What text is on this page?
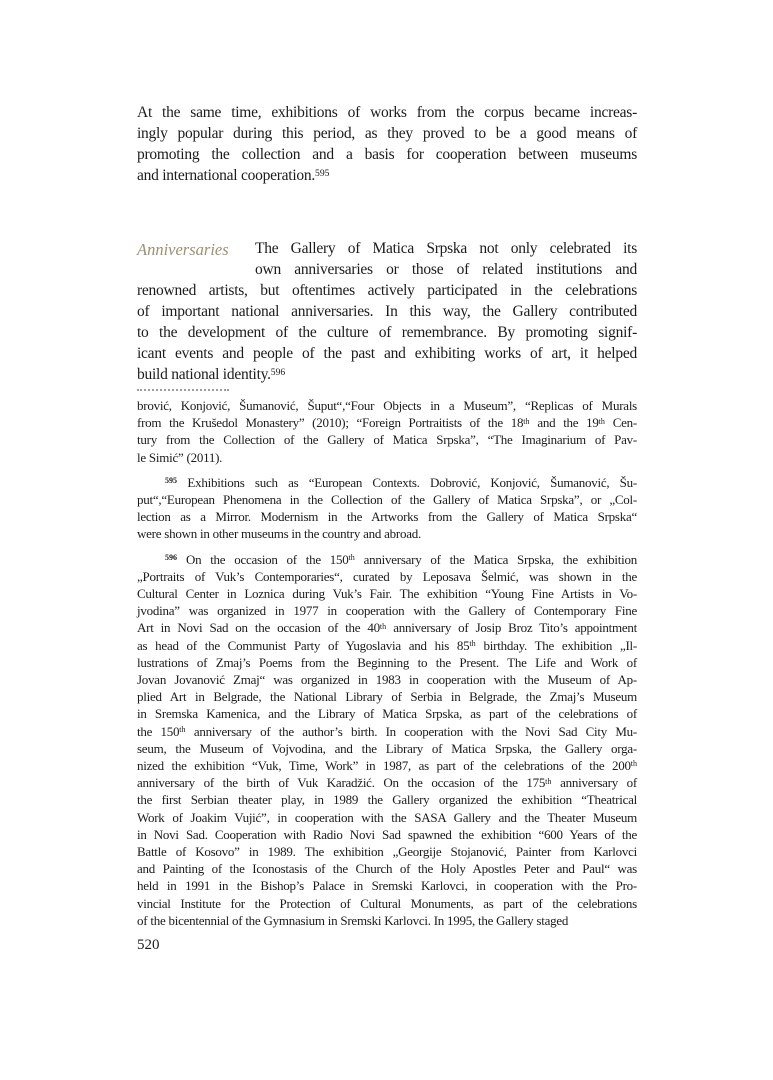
At the same time, exhibitions of works from the corpus became increas-
ingly popular during this period, as they proved to be a good means of
promoting the collection and a basis for cooperation between museums
and international cooperation.$^{595}$
Anniversaries	The Gallery of Matica Srpska not only celebrated its
own anniversaries or those of related institutions and
renowned artists, but oftentimes actively participated in the celebrations
of important national anniversaries. In this way, the Gallery contributed
to the development of the culture of remembrance. By promoting signif-
icant events and people of the past and exhibiting works of art, it helped
build national identity.$^{596}$
brović, Konjović, Šumanović, Šuput“,“Four Objects in a Museum”, “Replicas of Murals
from the Krušedol Monastery” (2010); “Foreign Portraitists of the 18th and the 19th Cen-
tury from the Collection of the Gallery of Matica Srpska”, “The Imaginarium of Pav-
le Simić” (2011).
$^{595}$ Exhibitions such as “European Contexts. Dobrović, Konjović, Šumanović, Šu-
put“,“European Phenomena in the Collection of the Gallery of Matica Srpska”, or „Col-
lection as a Mirror. Modernism in the Artworks from the Gallery of Matica Srpska“
were shown in other museums in the country and abroad.
$^{596}$ On the occasion of the 150th anniversary of the Matica Srpska, the exhibition
„Portraits of Vuk’s Contemporaries“, curated by Leposava Šelmić, was shown in the
Cultural Center in Loznica during Vuk’s Fair. The exhibition “Young Fine Artists in Vo-
jvodina” was organized in 1977 in cooperation with the Gallery of Contemporary Fine
Art in Novi Sad on the occasion of the 40th anniversary of Josip Broz Tito’s appointment
as head of the Communist Party of Yugoslavia and his 85th birthday. The exhibition „Il-
lustrations of Zmaj’s Poems from the Beginning to the Present. The Life and Work of
Jovan Jovanović Zmaj“ was organized in 1983 in cooperation with the Museum of Ap-
plied Art in Belgrade, the National Library of Serbia in Belgrade, the Zmaj’s Museum
in Sremska Kamenica, and the Library of Matica Srpska, as part of the celebrations of
the 150th anniversary of the author’s birth. In cooperation with the Novi Sad City Mu-
seum, the Museum of Vojvodina, and the Library of Matica Srpska, the Gallery orga-
nized the exhibition “Vuk, Time, Work” in 1987, as part of the celebrations of the 200th
anniversary of the birth of Vuk Karadžić. On the occasion of the 175th anniversary of
the first Serbian theater play, in 1989 the Gallery organized the exhibition “Theatrical
Work of Joakim Vujić”, in cooperation with the SASA Gallery and the Theater Museum
in Novi Sad. Cooperation with Radio Novi Sad spawned the exhibition “600 Years of the
Battle of Kosovo” in 1989. The exhibition „Georgije Stojanović, Painter from Karlovci
and Painting of the Iconostasis of the Church of the Holy Apostles Peter and Paul“ was
held in 1991 in the Bishop’s Palace in Sremski Karlovci, in cooperation with the Pro-
vincial Institute for the Protection of Cultural Monuments, as part of the celebrations
of the bicentennial of the Gymnasium in Sremski Karlovci. In 1995, the Gallery staged
520
